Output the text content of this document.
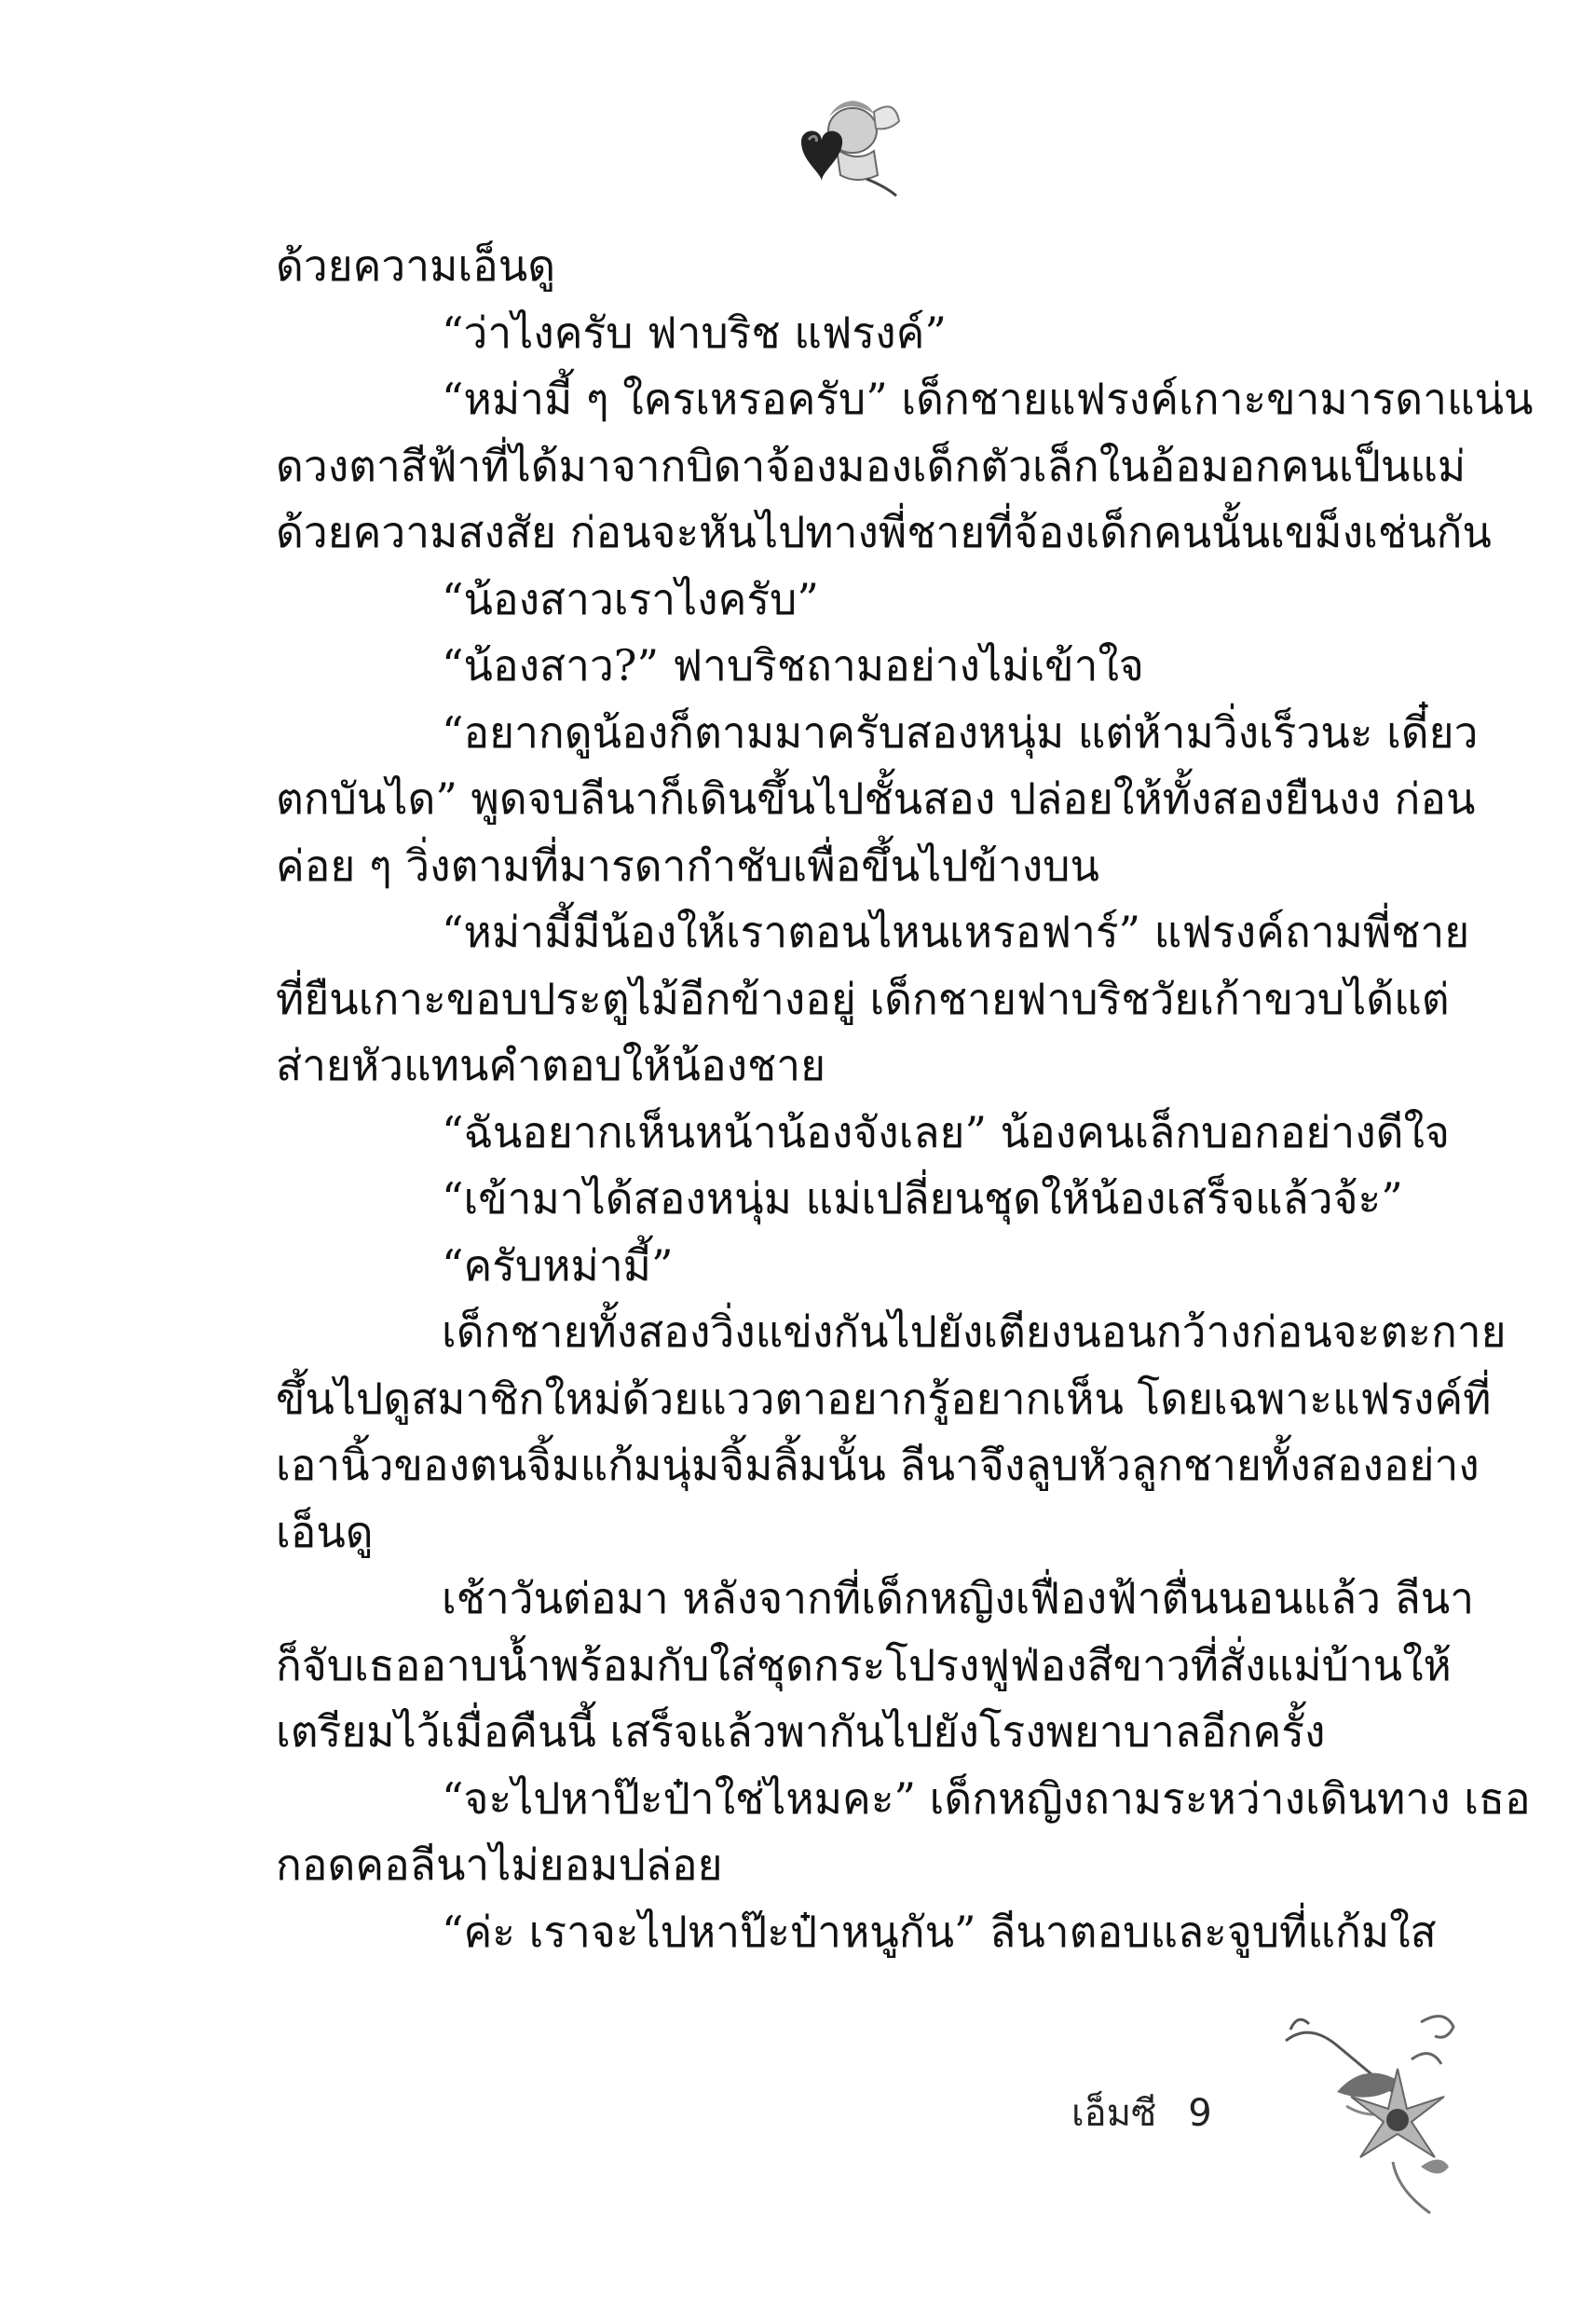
ด้วยความเอ็นดู
“ว่าไงครับ ฟาบริช แฟรงค์”
“หม่ามี้ ๆ ใครเหรอครับ” เด็กชายแฟรงค์เกาะขามารดาแน่น
ดวงตาสีฟ้าที่ได้มาจากบิดาจ้องมองเด็กตัวเล็กในอ้อมอกคนเป็นแม่
ด้วยความสงสัย ก่อนจะหันไปทางพี่ชายที่จ้องเด็กคนนั้นเขม็งเช่นกัน
“น้องสาวเราไงครับ”
“น้องสาว?” ฟาบริชถามอย่างไม่เข้าใจ
“อยากดูน้องก็ตามมาครับสองหนุ่ม แต่ห้ามวิ่งเร็วนะ เดี๋ยว
ตกบันได” พูดจบลีนาก็เดินขึ้นไปชั้นสอง ปล่อยให้ทั้งสองยืนงง ก่อน
ค่อย ๆ วิ่งตามที่มารดากำชับเพื่อขึ้นไปข้างบน
“หม่ามี้มีน้องให้เราตอนไหนเหรอฟาร์” แฟรงค์ถามพี่ชาย
ที่ยืนเกาะขอบประตูไม้อีกข้างอยู่ เด็กชายฟาบริชวัยเก้าขวบได้แต่
ส่ายหัวแทนคำตอบให้น้องชาย
“ฉันอยากเห็นหน้าน้องจังเลย” น้องคนเล็กบอกอย่างดีใจ
“เข้ามาได้สองหนุ่ม แม่เปลี่ยนชุดให้น้องเสร็จแล้วจ้ะ”
“ครับหม่ามี้”
เด็กชายทั้งสองวิ่งแข่งกันไปยังเตียงนอนกว้างก่อนจะตะกาย
ขึ้นไปดูสมาชิกใหม่ด้วยแววตาอยากรู้อยากเห็น โดยเฉพาะแฟรงค์ที่
เอานิ้วของตนจิ้มแก้มนุ่มจิ้มลิ้มนั้น ลีนาจึงลูบหัวลูกชายทั้งสองอย่าง
เอ็นดู
เช้าวันต่อมา หลังจากที่เด็กหญิงเฟื่องฟ้าตื่นนอนแล้ว ลีนา
ก็จับเธออาบน้ำพร้อมกับใส่ชุดกระโปรงฟูฟ่องสีขาวที่สั่งแม่บ้านให้
เตรียมไว้เมื่อคืนนี้ เสร็จแล้วพากันไปยังโรงพยาบาลอีกครั้ง
“จะไปหาป๊ะป๋าใช่ไหมคะ” เด็กหญิงถามระหว่างเดินทาง เธอ
กอดคอลีนาไม่ยอมปล่อย
“ค่ะ เราจะไปหาป๊ะป๋าหนูกัน” ลีนาตอบและจูบที่แก้มใส
เอ็มซี 9
